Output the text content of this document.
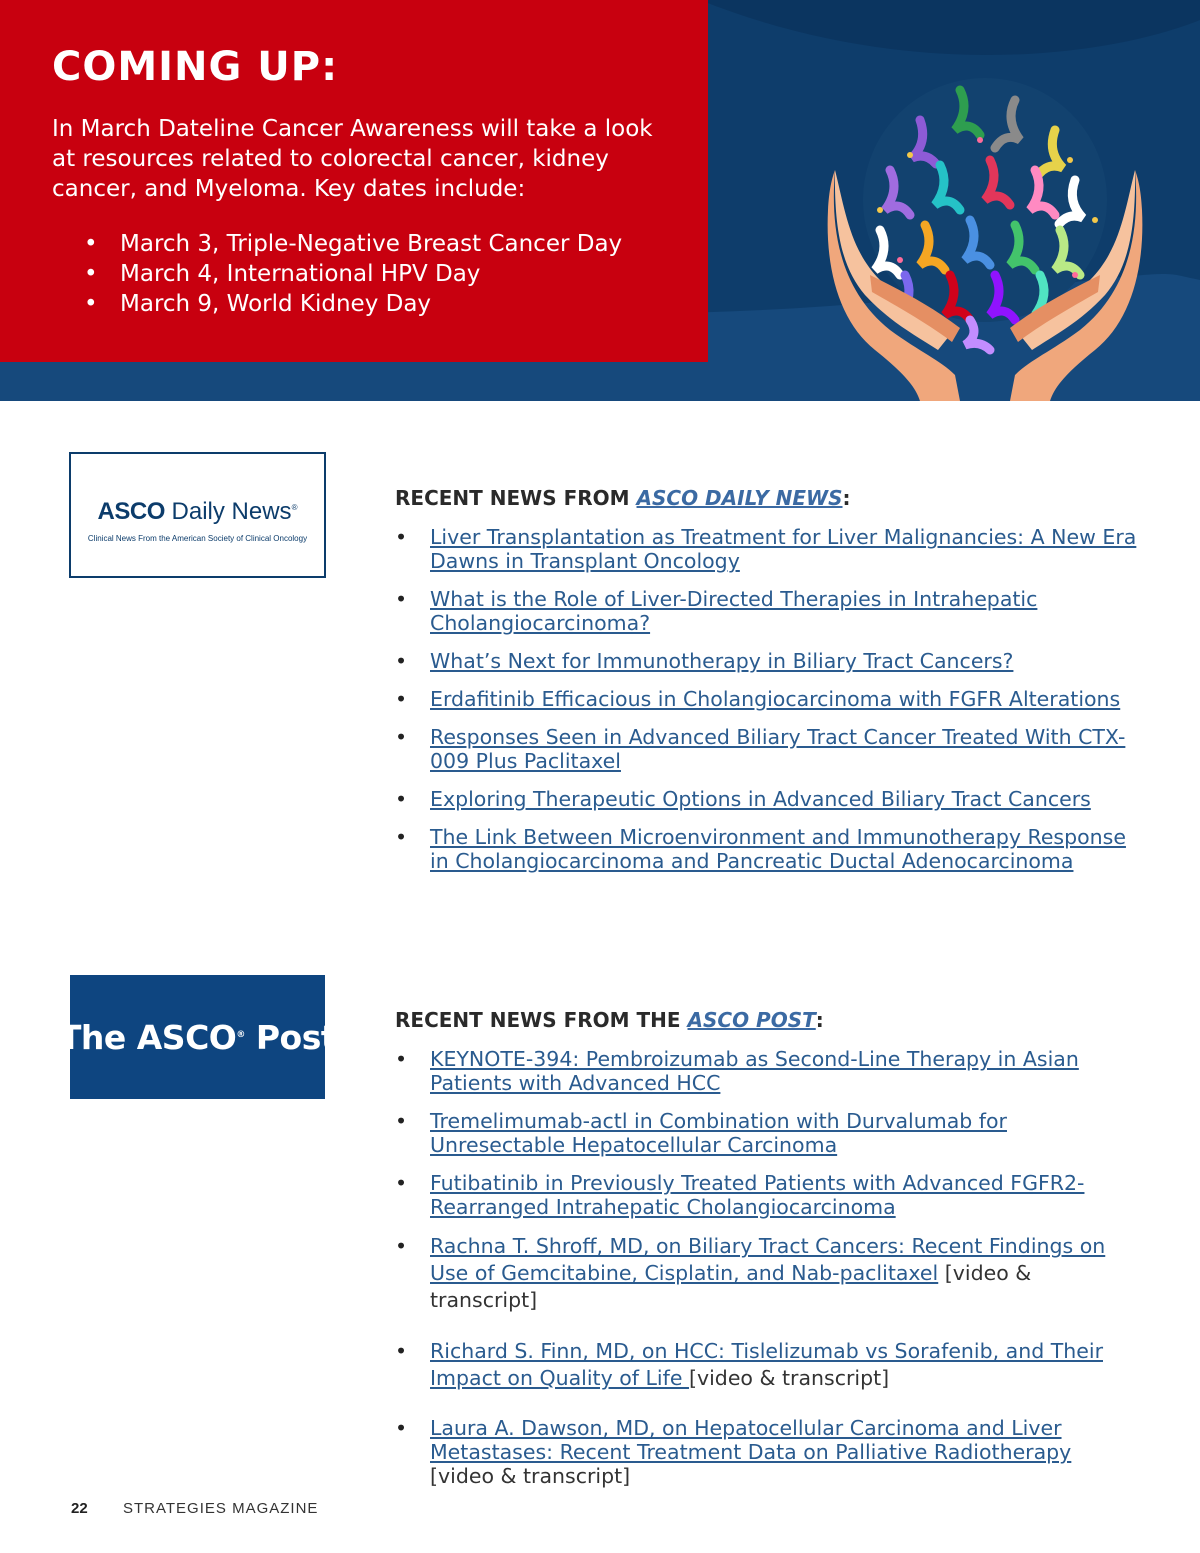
COMING UP:

In March Dateline Cancer Awareness will take a look at resources related to colorectal cancer, kidney cancer, and Myeloma. Key dates include:

• March 3, Triple-Negative Breast Cancer Day
• March 4, International HPV Day
• March 9, World Kidney Day
ASCO Daily News®
Clinical News From the American Society of Clinical Oncology
RECENT NEWS FROM ASCO DAILY NEWS:
• Liver Transplantation as Treatment for Liver Malignancies: A New Era Dawns in Transplant Oncology
• What is the Role of Liver-Directed Therapies in Intrahepatic Cholangiocarcinoma?
• What’s Next for Immunotherapy in Biliary Tract Cancers?
• Erdafitinib Efficacious in Cholangiocarcinoma with FGFR Alterations
• Responses Seen in Advanced Biliary Tract Cancer Treated With CTX-009 Plus Paclitaxel
• Exploring Therapeutic Options in Advanced Biliary Tract Cancers
• The Link Between Microenvironment and Immunotherapy Response in Cholangiocarcinoma and Pancreatic Ductal Adenocarcinoma
The ASCO® Post	RECENT NEWS FROM THE ASCO POST:
• KEYNOTE-394: Pembroizumab as Second-Line Therapy in Asian Patients with Advanced HCC
• Tremelimumab-actl in Combination with Durvalumab for Unresectable Hepatocellular Carcinoma
• Futibatinib in Previously Treated Patients with Advanced FGFR2-Rearranged Intrahepatic Cholangiocarcinoma
• Rachna T. Shroff, MD, on Biliary Tract Cancers: Recent Findings on Use of Gemcitabine, Cisplatin, and Nab-paclitaxel [video & transcript]
• Richard S. Finn, MD, on HCC: Tislelizumab vs Sorafenib, and Their Impact on Quality of Life [video & transcript]
• Laura A. Dawson, MD, on Hepatocellular Carcinoma and Liver Metastases: Recent Treatment Data on Palliative Radiotherapy [video & transcript]
22 STRATEGIES MAGAZINE
